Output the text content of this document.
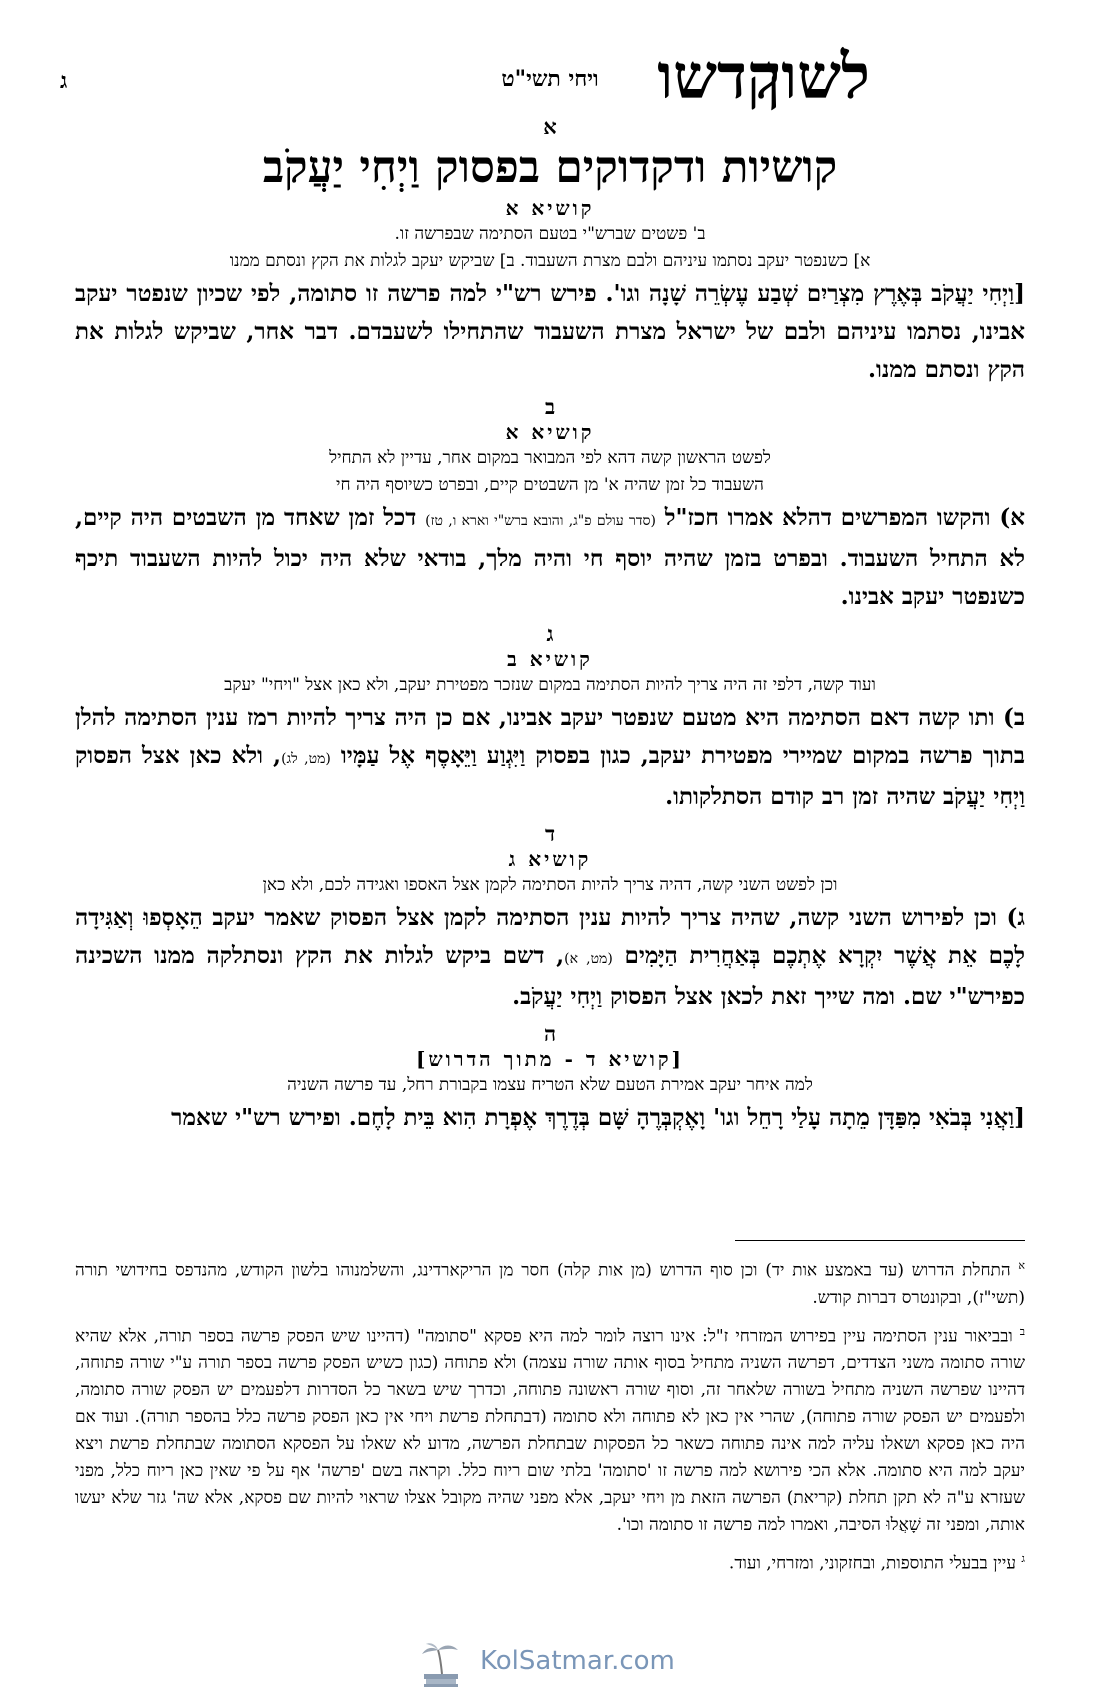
לשון
ויחי תשי"ט קדשו
ג
א
קושיות ודקדוקים בפסוק וַיְחִי יַעֲקֹב
קושיא א
ב' פשטים שברש"י בטעם הסתימה שבפרשה זו.
א] כשנפטר יעקב נסתמו עיניהם ולבם מצרת השעבוד. ב] שביקש יעקב לגלות את הקץ ונסתם ממנו

[וַיְחִי יַעֲקֹב בְּאֶרֶץ מִצְרַיִם שְׁבַע עֶשְׂרֵה שָׁנָה וגו'. פירש רש"י למה פרשה זו סתומה, לפי שכיון שנפטר יעקב אבינו, נסתמו עיניהם ולבם של ישראל מצרת השעבוד שהתחילו לשעבדם. דבר אחר, שביקש לגלות את הקץ ונסתם ממנו.

ב
קושיא א
לפשט הראשון קשה דהא לפי המבואר במקום אחר, עדיין לא התחיל
השעבוד כל זמן שהיה א' מן השבטים קיים, ובפרט כשיוסף היה חי

א) והקשו המפרשים דהלא אמרו חכז"ל (סדר עולם פ"ג, והובא ברש"י וארא ו, טז) דכל זמן שאחד מן השבטים היה קיים, לא התחיל השעבוד. ובפרט בזמן שהיה יוסף חי והיה מלך, בודאי שלא היה יכול להיות השעבוד תיכף כשנפטר יעקב אבינו.

ג
קושיא ב
ועוד קשה, דלפי זה היה צריך להיות הסתימה במקום שנזכר מפטירת יעקב, ולא כאן אצל "ויחי" יעקב

ב) ותו קשה דאם הסתימה היא מטעם שנפטר יעקב אבינו, אם כן היה צריך להיות רמז ענין הסתימה להלן בתוך פרשה במקום שמיירי מפטירת יעקב, כגון בפסוק וַיִּגְוַע וַיֵּאָסֶף אֶל עַמָּיו (מט, לג), ולא כאן אצל הפסוק וַיְחִי יַעֲקֹב שהיה זמן רב קודם הסתלקותו.

ד
קושיא ג
וכן לפשט השני קשה, דהיה צריך להיות הסתימה לקמן אצל האספו ואגידה לכם, ולא כאן

ג) וכן לפירוש השני קשה, שהיה צריך להיות ענין הסתימה לקמן אצל הפסוק שאמר יעקב הֵאָסְפוּ וְאַגִּידָה לָכֶם אֵת אֲשֶׁר יִקְרָא אֶתְכֶם בְּאַחֲרִית הַיָּמִים (מט, א), דשם ביקש לגלות את הקץ ונסתלקה ממנו השכינה כפירש"י שם. ומה שייך זאת לכאן אצל הפסוק וַיְחִי יַעֲקֹב.

ה
[קושיא ד - מתוך הדרוש]
למה איחר יעקב אמירת הטעם שלא הטריח עצמו בקבורת רחל, עד פרשה השניה

[וַאֲנִי בְּבֹאִי מִפַּדָּן מֵתָה עָלַי רָחֵל וגו' וָאֶקְבְּרֶהָ שָּׁם בְּדֶרֶךְ אֶפְרָת הִוא בֵּית לָחֶם. ופירש רש"י שאמר

$^א$ התחלת הדרוש (עד באמצע אות יד) וכן סוף הדרוש (מן אות קלה) חסר מן הריקארדינג, והשלמנוהו בלשון הקודש, מהנדפס בחידושי תורה (תשי"ז), ובקונטרס דברות קודש.

$^ב$ ובביאור ענין הסתימה עיין בפירוש המזרחי ז"ל: אינו רוצה לומר למה היא פסקא "סתומה" (דהיינו שיש הפסק פרשה בספר תורה, אלא שהיא שורה סתומה משני הצדדים, דפרשה השניה מתחיל בסוף אותה שורה עצמה) ולא פתוחה (כגון כשיש הפסק פרשה בספר תורה ע"י שורה פתוחה, דהיינו שפרשה השניה מתחיל בשורה שלאחר זה, וסוף שורה ראשונה פתוחה, וכדרך שיש בשאר כל הסדרות דלפעמים יש הפסק שורה סתומה, ולפעמים יש הפסק שורה פתוחה), שהרי אין כאן לא פתוחה ולא סתומה (דבתחלת פרשת ויחי אין כאן הפסק פרשה כלל בהספר תורה). ועוד אם היה כאן פסקא ושאלו עליה למה אינה פתוחה כשאר כל הפסקות שבתחלת הפרשה, מדוע לא שאלו על הפסקא הסתומה שבתחלת פרשת ויצא יעקב למה היא סתומה. אלא הכי פירושא למה פרשה זו 'סתומה' בלתי שום ריוח כלל. וקראה בשם 'פרשה' אף על פי שאין כאן ריוח כלל, מפני שעזרא ע"ה לא תקן תחלת (קריאת) הפרשה הזאת מן ויחי יעקב, אלא מפני שהיה מקובל אצלו שראוי להיות שם פסקא, אלא שה' גזר שלא יעשו אותה, ומפני זה שָׁאֲלוּ הסיבה, ואמרו למה פרשה זו סתומה וכו'.

$^ג$ עיין בבעלי התוספות, ובחזקוני, ומזרחי, ועוד.

KolSatmar.com
